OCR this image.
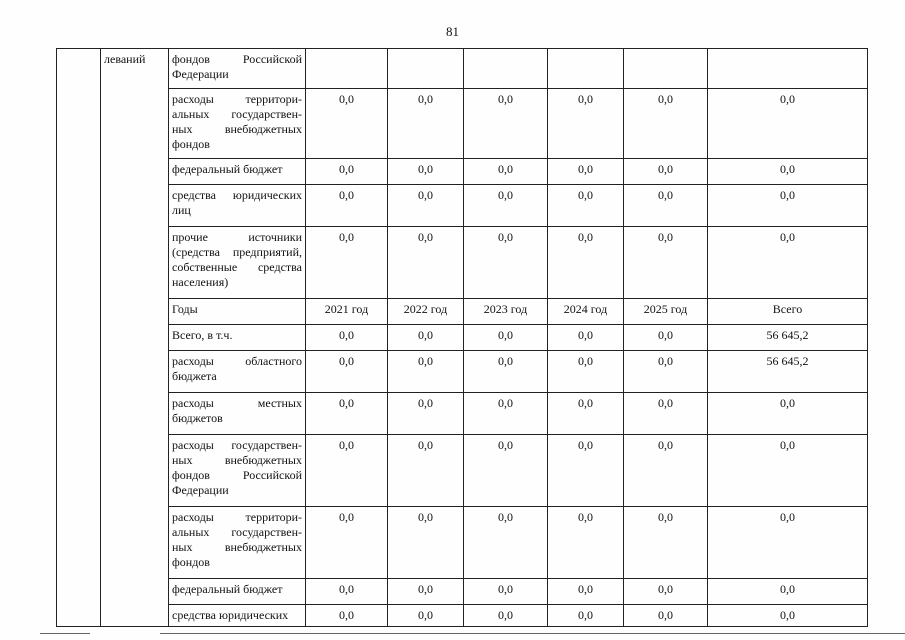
81
	леваний	фондов Российской Федерации						
		расходы территори-альных государствен-ных внебюджетных фондов	0,0	0,0	0,0	0,0	0,0	0,0
		федеральный бюджет	0,0	0,0	0,0	0,0	0,0	0,0
		средства юридических лиц	0,0	0,0	0,0	0,0	0,0	0,0
		прочие источники (средства предприятий, собственные средства населения)	0,0	0,0	0,0	0,0	0,0	0,0
		Годы	2021 год	2022 год	2023 год	2024 год	2025 год	Всего
		Всего, в т.ч.	0,0	0,0	0,0	0,0	0,0	56 645,2
		расходы областного бюджета	0,0	0,0	0,0	0,0	0,0	56 645,2
		расходы местных бюджетов	0,0	0,0	0,0	0,0	0,0	0,0
		расходы государствен-ных внебюджетных фондов Российской Федерации	0,0	0,0	0,0	0,0	0,0	0,0
		расходы территори-альных государствен-ных внебюджетных фондов	0,0	0,0	0,0	0,0	0,0	0,0
		федеральный бюджет	0,0	0,0	0,0	0,0	0,0	0,0
		средства юридических	0,0	0,0	0,0	0,0	0,0	0,0
